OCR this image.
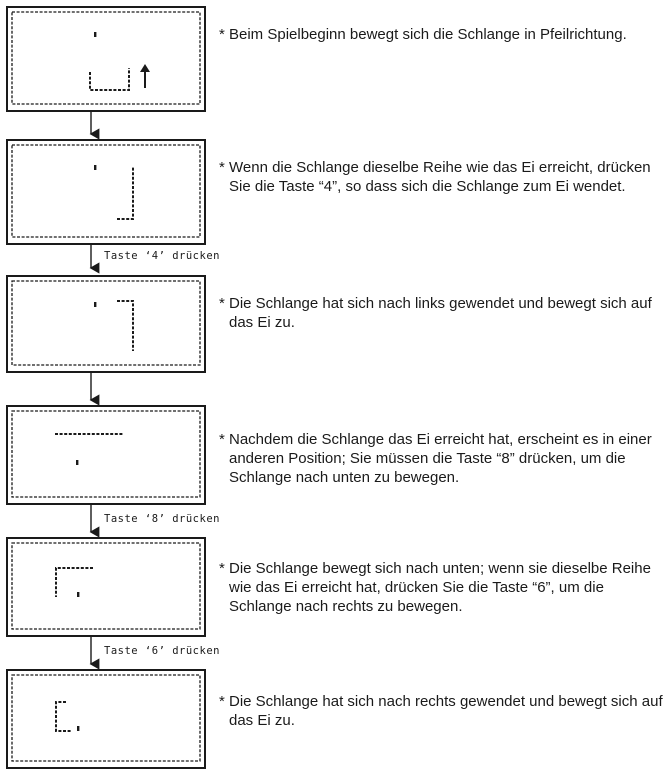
* Beim Spielbeginn bewegt sich die Schlange in Pfeilrichtung.

* Wenn die Schlange dieselbe Reihe wie das Ei erreicht, drücken Sie die Taste “4”, so dass sich die Schlange zum Ei wendet.

Taste ‘4’ drücken

* Die Schlange hat sich nach links gewendet und bewegt sich auf das Ei zu.

* Nachdem die Schlange das Ei erreicht hat, erscheint es in einer anderen Position; Sie müssen die Taste “8” drücken, um die Schlange nach unten zu bewegen.

Taste ‘8’ drücken

* Die Schlange bewegt sich nach unten; wenn sie dieselbe Reihe wie das Ei erreicht hat, drücken Sie die Taste “6”, um die Schlange nach rechts zu bewegen.

Taste ‘6’ drücken

* Die Schlange hat sich nach rechts gewendet und bewegt sich auf das Ei zu.
